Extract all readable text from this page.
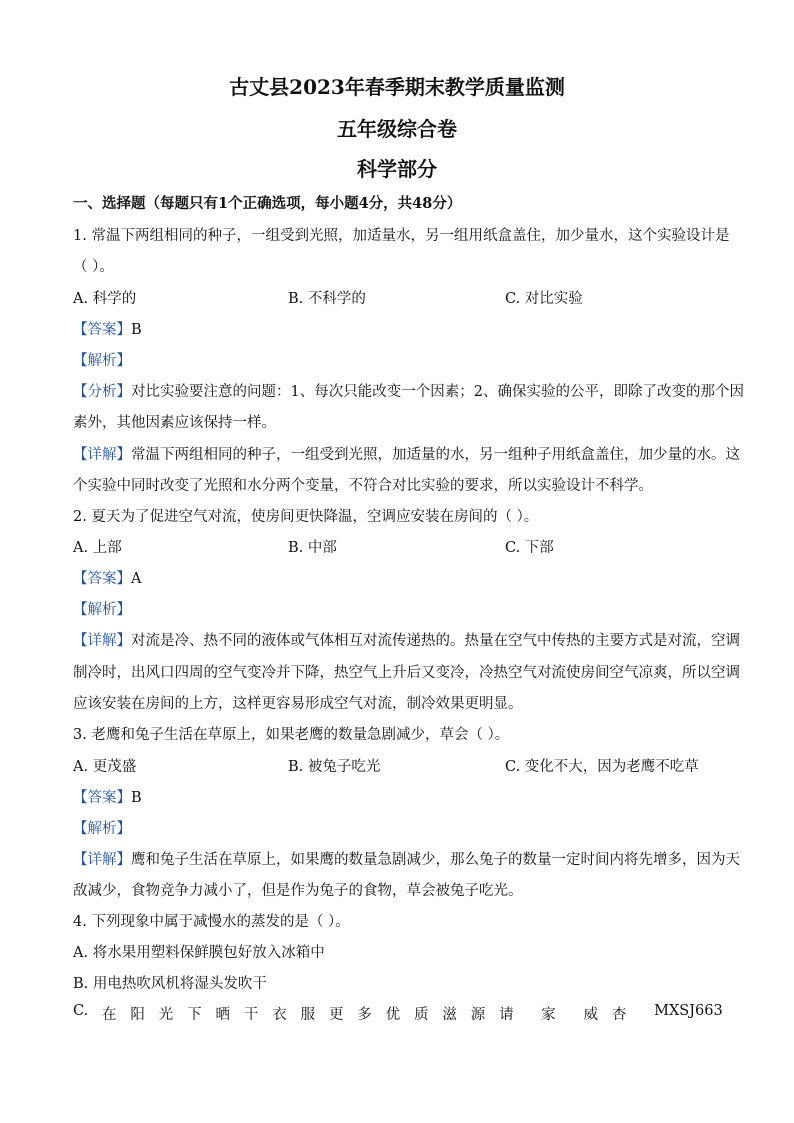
古丈县2023年春季期末教学质量监测
五年级综合卷
科学部分
一、选择题（每题只有1个正确选项，每小题4分，共48分）
1. 常温下两组相同的种子，一组受到光照，加适量水，另一组用纸盒盖住，加少量水，这个实验设计是
（ ）。
A. 科学的	B. 不科学的	C. 对比实验
【答案】B
【解析】
【分析】对比实验要注意的问题：1、每次只能改变一个因素；2、确保实验的公平，即除了改变的那个因
素外，其他因素应该保持一样。
【详解】常温下两组相同的种子，一组受到光照，加适量的水，另一组种子用纸盒盖住，加少量的水。这
个实验中同时改变了光照和水分两个变量，不符合对比实验的要求，所以实验设计不科学。
2. 夏天为了促进空气对流，使房间更快降温，空调应安装在房间的（ ）。
A. 上部	B. 中部	C. 下部
【答案】A
【解析】
【详解】对流是冷、热不同的液体或气体相互对流传递热的。热量在空气中传热的主要方式是对流，空调
制冷时，出风口四周的空气变冷并下降，热空气上升后又变冷，冷热空气对流使房间空气凉爽，所以空调
应该安装在房间的上方，这样更容易形成空气对流，制冷效果更明显。
3. 老鹰和兔子生活在草原上，如果老鹰的数量急剧减少，草会（ ）。
A. 更茂盛	B. 被兔子吃光	C. 变化不大，因为老鹰不吃草
【答案】B
【解析】
【详解】鹰和兔子生活在草原上，如果鹰的数量急剧减少，那么兔子的数量一定时间内将先增多，因为天
敌减少，食物竞争力减小了，但是作为兔子的食物，草会被兔子吃光。
4. 下列现象中属于减慢水的蒸发的是（ ）。
A. 将水果用塑料保鲜膜包好放入冰箱中
B. 用电热吹风机将湿头发吹干
C. 在 阳 光 下 晒 干 衣 服 更 多 优 质 滋 源 请 家 威 杏 MXSJ663
